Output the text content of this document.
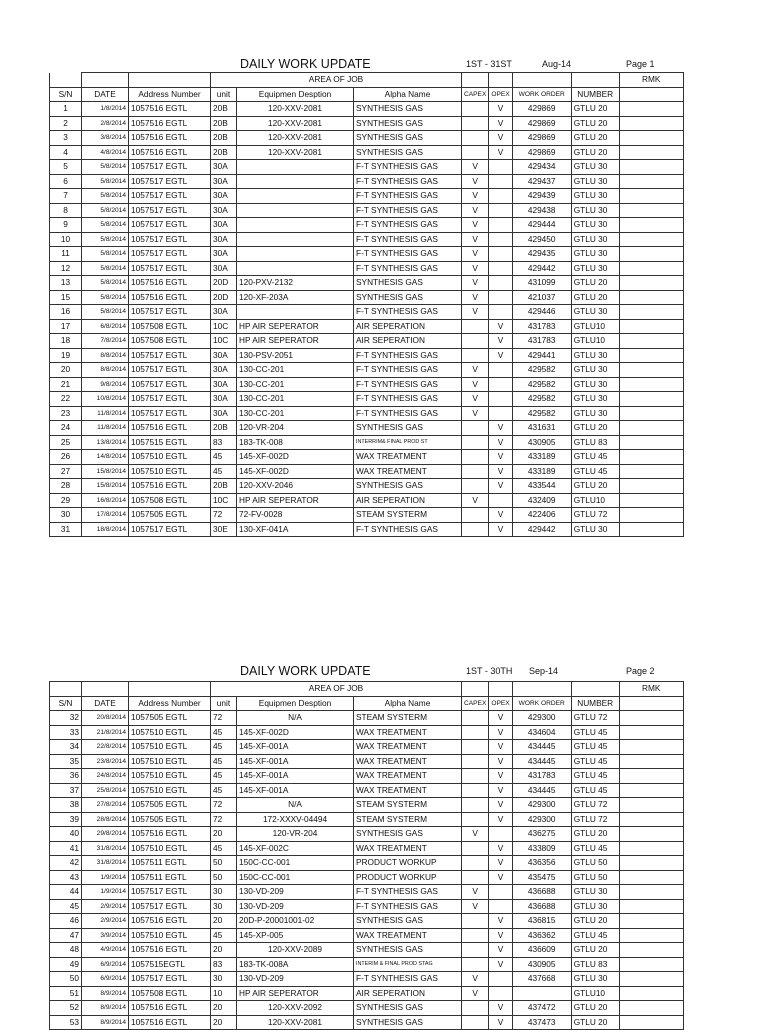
DAILY WORK UPDATE	1ST - 31ST	Aug-14	Page 1
			AREA OF JOB							RMK
S/N	DATE	Address Number	unit	Equipmen Desption	Alpha Name	CAPEX	OPEX	WORK ORDER	NUMBER	
1	1/8/2014	1057516 EGTL	20B	120-XXV-2081	SYNTHESIS GAS		V	429869	GTLU 20	
2	2/8/2014	1057516 EGTL	20B	120-XXV-2081	SYNTHESIS GAS		V	429869	GTLU 20	
3	3/8/2014	1057516 EGTL	20B	120-XXV-2081	SYNTHESIS GAS		V	429869	GTLU 20	
4	4/8/2014	1057516 EGTL	20B	120-XXV-2081	SYNTHESIS GAS		V	429869	GTLU 20	
5	5/8/2014	1057517 EGTL	30A		F-T SYNTHESIS GAS	V		429434	GTLU 30	
6	5/8/2014	1057517 EGTL	30A		F-T SYNTHESIS GAS	V		429437	GTLU 30	
7	5/8/2014	1057517 EGTL	30A		F-T SYNTHESIS GAS	V		429439	GTLU 30	
8	5/8/2014	1057517 EGTL	30A		F-T SYNTHESIS GAS	V		429438	GTLU 30	
9	5/8/2014	1057517 EGTL	30A		F-T SYNTHESIS GAS	V		429444	GTLU 30	
10	5/8/2014	1057517 EGTL	30A		F-T SYNTHESIS GAS	V		429450	GTLU 30	
11	5/8/2014	1057517 EGTL	30A		F-T SYNTHESIS GAS	V		429435	GTLU 30	
12	5/8/2014	1057517 EGTL	30A		F-T SYNTHESIS GAS	V		429442	GTLU 30	
13	5/8/2014	1057516 EGTL	20D	120-PXV-2132	SYNTHESIS GAS	V		431099	GTLU 20	
15	5/8/2014	1057516 EGTL	20D	120-XF-203A	SYNTHESIS GAS	V		421037	GTLU 20	
16	5/8/2014	1057517 EGTL	30A		F-T SYNTHESIS GAS	V		429446	GTLU 30	
17	6/8/2014	1057508 EGTL	10C	HP AIR SEPERATOR	AIR SEPERATION		V	431783	GTLU10	
18	7/8/2014	1057508 EGTL	10C	HP AIR SEPERATOR	AIR SEPERATION		V	431783	GTLU10	
19	8/8/2014	1057517 EGTL	30A	130-PSV-2051	F-T SYNTHESIS GAS		V	429441	GTLU 30	
20	8/8/2014	1057517 EGTL	30A	130-CC-201	F-T SYNTHESIS GAS	V		429582	GTLU 30	
21	9/8/2014	1057517 EGTL	30A	130-CC-201	F-T SYNTHESIS GAS	V		429582	GTLU 30	
22	10/8/2014	1057517 EGTL	30A	130-CC-201	F-T SYNTHESIS GAS	V		429582	GTLU 30	
23	11/8/2014	1057517 EGTL	30A	130-CC-201	F-T SYNTHESIS GAS	V		429582	GTLU 30	
24	11/8/2014	1057516 EGTL	20B	120-VR-204	SYNTHESIS GAS		V	431631	GTLU 20	
25	13/8/2014	1057515 EGTL	83	183-TK-008	INTERRIM& FINAL PROD ST		V	430905	GTLU 83	
26	14/8/2014	1057510 EGTL	45	145-XF-002D	WAX TREATMENT		V	433189	GTLU 45	
27	15/8/2014	1057510 EGTL	45	145-XF-002D	WAX TREATMENT		V	433189	GTLU 45	
28	15/8/2014	1057516 EGTL	20B	120-XXV-2046	SYNTHESIS GAS		V	433544	GTLU 20	
29	16/8/2014	1057508 EGTL	10C	HP AIR SEPERATOR	AIR SEPERATION	V		432409	GTLU10	
30	17/8/2014	1057505 EGTL	72	72-FV-0028	STEAM SYSTERM		V	422406	GTLU 72	
31	18/8/2014	1057517 EGTL	30E	130-XF-041A	F-T SYNTHESIS GAS		V	429442	GTLU 30	
DAILY WORK UPDATE	1ST - 30TH Sep-14	Page 2
			AREA OF JOB							RMK
S/N	DATE	Address Number	unit	Equipmen Desption	Alpha Name	CAPEX	OPEX	WORK ORDER	NUMBER	
32	20/8/2014	1057505 EGTL	72	N/A	STEAM SYSTERM		V	429300	GTLU 72	
33	21/8/2014	1057510 EGTL	45	145-XF-002D	WAX TREATMENT		V	434604	GTLU 45	
34	22/8/2014	1057510 EGTL	45	145-XF-001A	WAX TREATMENT		V	434445	GTLU 45	
35	23/8/2014	1057510 EGTL	45	145-XF-001A	WAX TREATMENT		V	434445	GTLU 45	
36	24/8/2014	1057510 EGTL	45	145-XF-001A	WAX TREATMENT		V	431783	GTLU 45	
37	25/8/2014	1057510 EGTL	45	145-XF-001A	WAX TREATMENT		V	434445	GTLU 45	
38	27/8/2014	1057505 EGTL	72	N/A	STEAM SYSTERM		V	429300	GTLU 72	
39	28/8/2014	1057505 EGTL	72	172-XXXV-04494	STEAM SYSTERM		V	429300	GTLU 72	
40	29/8/2014	1057516 EGTL	20	120-VR-204	SYNTHESIS GAS	V		436275	GTLU 20	
41	31/8/2014	1057510 EGTL	45	145-XF-002C	WAX TREATMENT		V	433809	GTLU 45	
42	31/8/2014	1057511 EGTL	50	150C-CC-001	PRODUCT WORKUP		V	436356	GTLU 50	
43	1/9/2014	1057511 EGTL	50	150C-CC-001	PRODUCT WORKUP		V	435475	GTLU 50	
44	1/9/2014	1057517 EGTL	30	130-VD-209	F-T SYNTHESIS GAS	V		436688	GTLU 30	
45	2/9/2014	1057517 EGTL	30	130-VD-209	F-T SYNTHESIS GAS	V		436688	GTLU 30	
46	2/9/2014	1057516 EGTL	20	20D-P-20001001-02	SYNTHESIS GAS		V	436815	GTLU 20	
47	3/9/2014	1057510 EGTL	45	145-XP-005	WAX TREATMENT		V	436362	GTLU 45	
48	4/9/2014	1057516 EGTL	20	120-XXV-2089	SYNTHESIS GAS		V	436609	GTLU 20	
49	6/9/2014	1057515EGTL	83	183-TK-008A	INTERIM & FINAL PROD STAG		V	430905	GTLU 83	
50	6/9/2014	1057517 EGTL	30	130-VD-209	F-T SYNTHESIS GAS	V		437668	GTLU 30	
51	8/9/2014	1057508 EGTL	10	HP AIR SEPERATOR	AIR SEPERATION	V			GTLU10	
52	8/9/2014	1057516 EGTL	20	120-XXV-2092	SYNTHESIS GAS		V	437472	GTLU 20	
53	8/9/2014	1057516 EGTL	20	120-XXV-2081	SYNTHESIS GAS		V	437473	GTLU 20	
